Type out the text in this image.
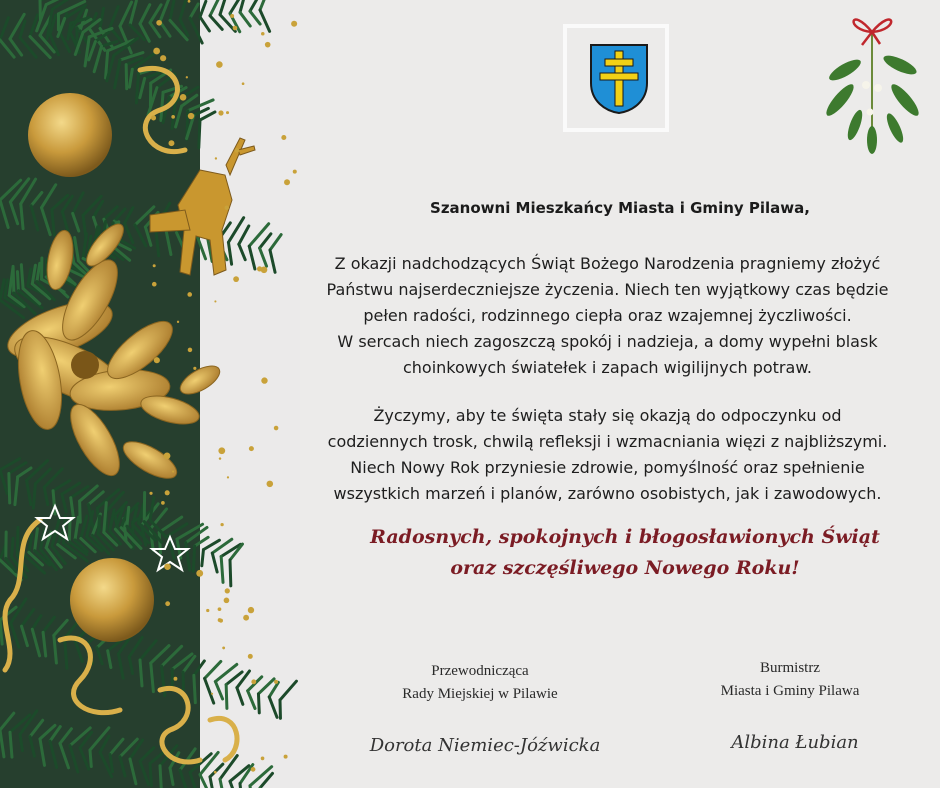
Szanowni Mieszkańcy Miasta i Gminy Pilawa,
Z okazji nadchodzących Świąt Bożego Narodzenia pragniemy złożyć
Państwu najserdeczniejsze życzenia. Niech ten wyjątkowy czas będzie
pełen radości, rodzinnego ciepła oraz wzajemnej życzliwości.
W sercach niech zagoszczą spokój i nadzieja, a domy wypełni blask
choinkowych światełek i zapach wigilijnych potraw.
Życzymy, aby te święta stały się okazją do odpoczynku od
codziennych trosk, chwilą refleksji i wzmacniania więzi z najbliższymi.
Niech Nowy Rok przyniesie zdrowie, pomyślność oraz spełnienie
wszystkich marzeń i planów, zarówno osobistych, jak i zawodowych.
Radosnych, spokojnych i błogosławionych Świąt
oraz szczęśliwego Nowego Roku!
Przewodnicząca
Rady Miejskiej w Pilawie
Dorota Niemiec-Jóźwicka
Burmistrz
Miasta i Gminy Pilawa
Albina Łubian
